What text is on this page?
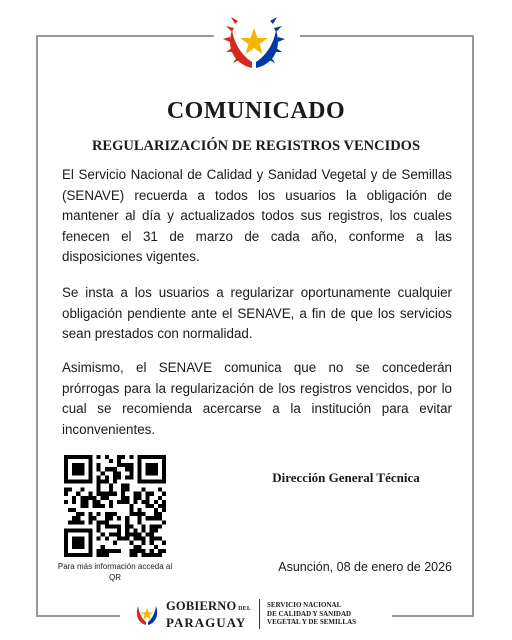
COMUNICADO
REGULARIZACIÓN DE REGISTROS VENCIDOS

El Servicio Nacional de Calidad y Sanidad Vegetal y de Semillas (SENAVE) recuerda a todos los usuarios la obligación de mantener al día y actualizados todos sus registros, los cuales fenecen el 31 de marzo de cada año, conforme a las disposiciones vigentes.

Se insta a los usuarios a regularizar oportunamente cualquier obligación pendiente ante el SENAVE, a fin de que los servicios sean prestados con normalidad.

Asimismo, el SENAVE comunica que no se concederán prórrogas para la regularización de los registros vencidos, por lo cual se recomienda acercarse a la institución para evitar inconvenientes.

Para más información acceda al QR
Dirección General Técnica
Asunción, 08 de enero de 2026
GOBIERNO DEL
PARAGUAY
SERVICIO NACIONAL
DE CALIDAD Y SANIDAD
VEGETAL Y DE SEMILLAS
